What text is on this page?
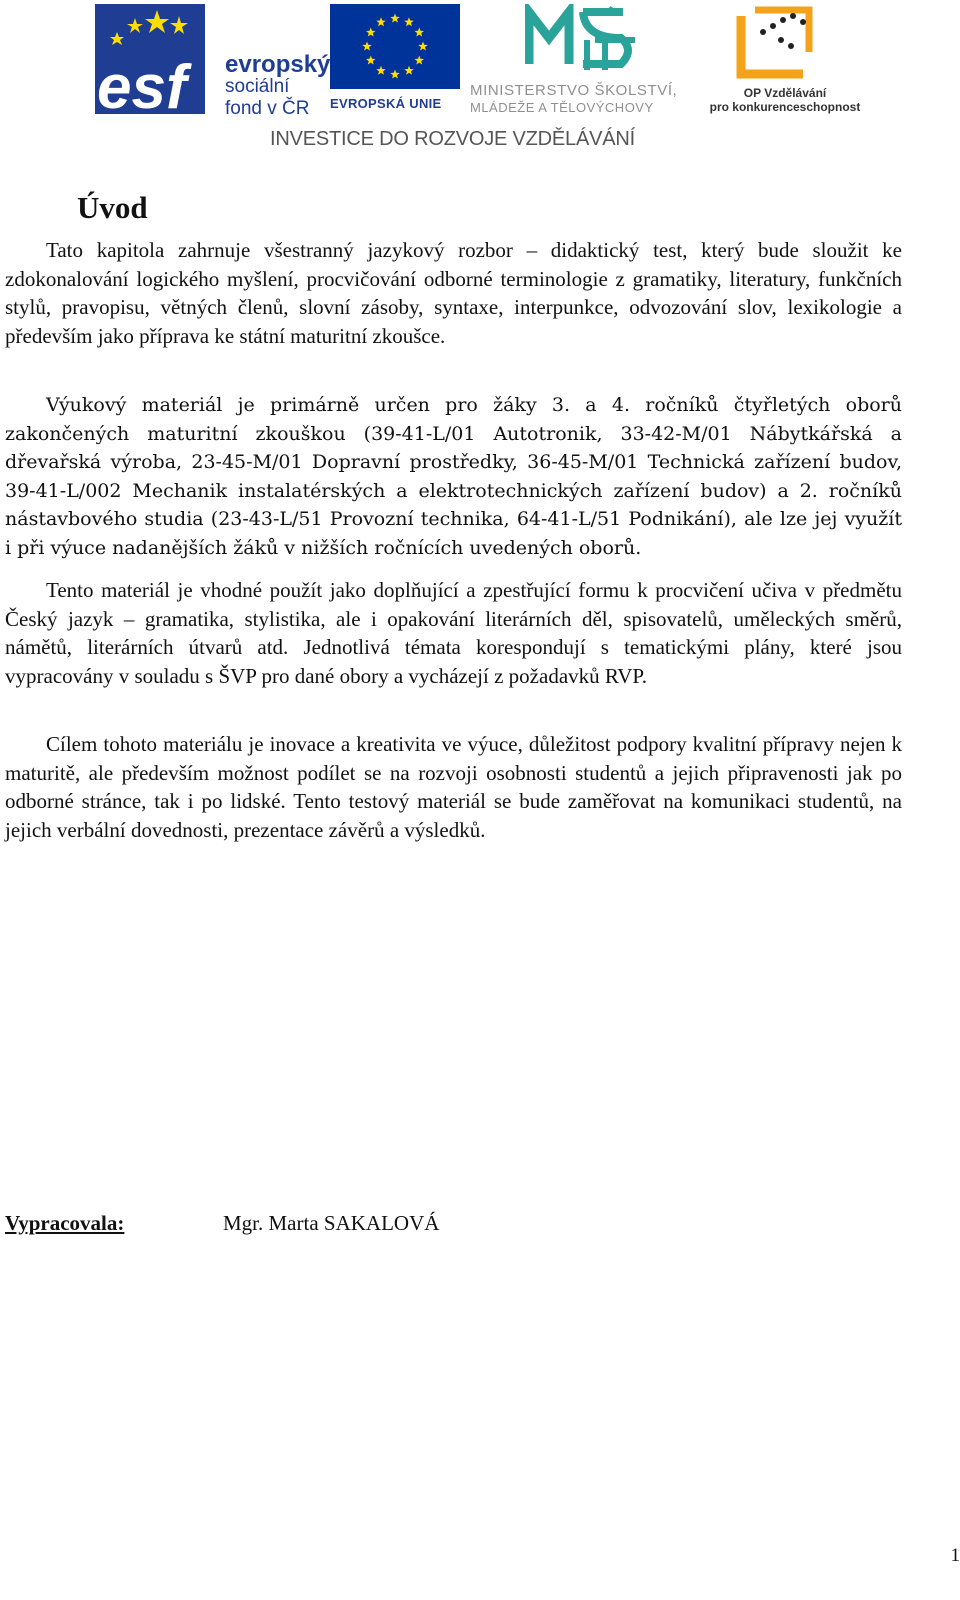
esf evropský
sociální
fond v ČR	EVROPSKÁ UNIE
MINISTERSTVO ŠKOLSTVÍ,
MLÁDEŽE A TĚLOVÝCHOVY
OP Vzdělávání
pro konkurenceschopnost
INVESTICE DO ROZVOJE VZDĚLÁVÁNÍ
Úvod

Tato kapitola zahrnuje všestranný jazykový rozbor – didaktický test, který bude sloužit ke zdokonalování logického myšlení, procvičování odborné terminologie z gramatiky, literatury, funkčních stylů, pravopisu, větných členů, slovní zásoby, syntaxe, interpunkce, odvozování slov, lexikologie a především jako příprava ke státní maturitní zkoušce.

Výukový materiál je primárně určen pro žáky 3. a 4. ročníků čtyřletých oborů zakončených maturitní zkouškou (39-41-L/01 Autotronik, 33-42-M/01 Nábytkářská a dřevařská výroba, 23-45-M/01 Dopravní prostředky, 36-45-M/01 Technická zařízení budov, 39-41-L/002 Mechanik instalatérských a elektrotechnických zařízení budov) a 2. ročníků nástavbového studia (23-43-L/51 Provozní technika, 64-41-L/51 Podnikání), ale lze jej využít i při výuce nadanějších žáků v nižších ročnících uvedených oborů.

Tento materiál je vhodné použít jako doplňující a zpestřující formu k procvičení učiva v předmětu Český jazyk – gramatika, stylistika, ale i opakování literárních děl, spisovatelů, uměleckých směrů, námětů, literárních útvarů atd. Jednotlivá témata korespondují s tematickými plány, které jsou vypracovány v souladu s ŠVP pro dané obory a vycházejí z požadavků RVP.

Cílem tohoto materiálu je inovace a kreativita ve výuce, důležitost podpory kvalitní přípravy nejen k maturitě, ale především možnost podílet se na rozvoji osobnosti studentů a jejich připravenosti jak po odborné stránce, tak i po lidské. Tento testový materiál se bude zaměřovat na komunikaci studentů, na jejich verbální dovednosti, prezentace závěrů a výsledků.

Vypracovala:	Mgr. Marta SAKALOVÁ
1
